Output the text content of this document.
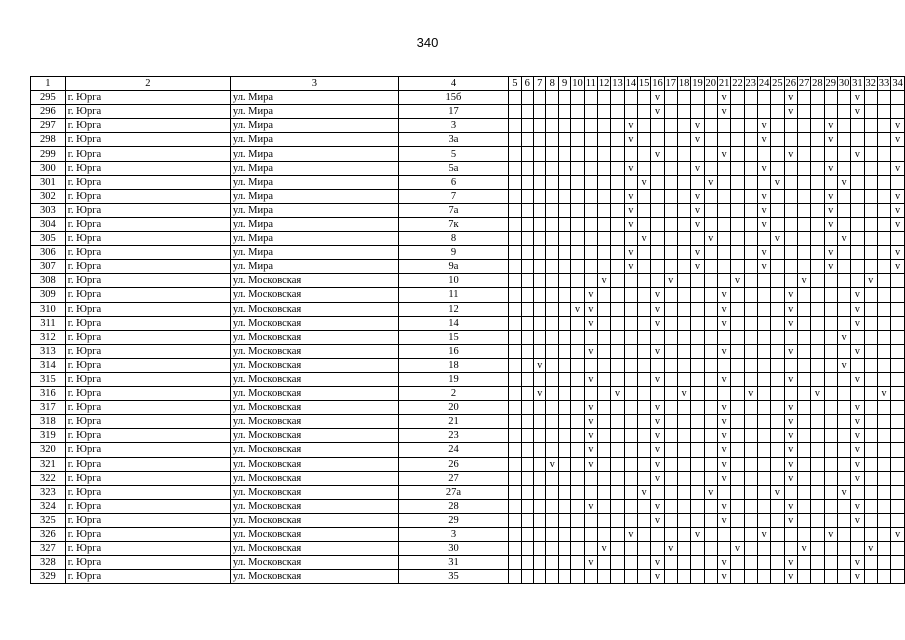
340
1	2	3	4	5	6	7	8	9	10	11	12	13	14	15	16	17	18	19	20	21	22	23	24	25	26	27	28	29	30	31	32	33	34
295	г. Юрга	ул. Мира	15б												v					v					v					v			
296	г. Юрга	ул. Мира	17												v					v					v					v			
297	г. Юрга	ул. Мира	3										v					v					v					v					v
298	г. Юрга	ул. Мира	3а										v					v					v					v					v
299	г. Юрга	ул. Мира	5												v					v					v					v			
300	г. Юрга	ул. Мира	5а										v					v					v					v					v
301	г. Юрга	ул. Мира	6											v					v					v					v				
302	г. Юрга	ул. Мира	7										v					v					v					v					v
303	г. Юрга	ул. Мира	7а										v					v					v					v					v
304	г. Юрга	ул. Мира	7к										v					v					v					v					v
305	г. Юрга	ул. Мира	8											v					v					v					v				
306	г. Юрга	ул. Мира	9										v					v					v					v					v
307	г. Юрга	ул. Мира	9а										v					v					v					v					v
308	г. Юрга	ул. Московская	10								v					v					v					v					v		
309	г. Юрга	ул. Московская	11							v					v					v					v					v			
310	г. Юрга	ул. Московская	12						v	v					v					v					v					v			
311	г. Юрга	ул. Московская	14							v					v					v					v					v			
312	г. Юрга	ул. Московская	15																										v				
313	г. Юрга	ул. Московская	16							v					v					v					v					v			
314	г. Юрга	ул. Московская	18			v																							v				
315	г. Юрга	ул. Московская	19							v					v					v					v					v			
316	г. Юрга	ул. Московская	2			v						v					v					v					v					v	
317	г. Юрга	ул. Московская	20							v					v					v					v					v			
318	г. Юрга	ул. Московская	21							v					v					v					v					v			
319	г. Юрга	ул. Московская	23							v					v					v					v					v			
320	г. Юрга	ул. Московская	24							v					v					v					v					v			
321	г. Юрга	ул. Московская	26				v			v					v					v					v					v			
322	г. Юрга	ул. Московская	27												v					v					v					v			
323	г. Юрга	ул. Московская	27а											v					v					v					v				
324	г. Юрга	ул. Московская	28							v					v					v					v					v			
325	г. Юрга	ул. Московская	29												v					v					v					v			
326	г. Юрга	ул. Московская	3										v					v					v					v					v
327	г. Юрга	ул. Московская	30								v					v					v					v					v		
328	г. Юрга	ул. Московская	31							v					v					v					v					v			
329	г. Юрга	ул. Московская	35												v					v					v					v			
